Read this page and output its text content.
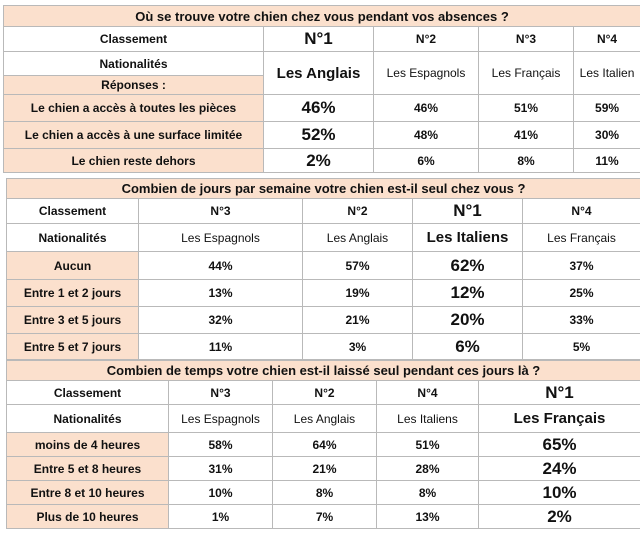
Où se trouve votre chien chez vous pendant vos absences ?				
Classement	N°1	N°2	N°3	N°4
Nationalités	Les Anglais	Les Espagnols	Les Français	Les Italien
Réponses :				
Le chien a accès à toutes les pièces	46%	46%	51%	59%
Le chien a accès à une surface limitée	52%	48%	41%	30%
Le chien reste dehors	2%	6%	8%	11%
Combien de jours par semaine votre chien est-il seul chez vous ?				
Classement	N°3	N°2	N°1	N°4
Nationalités	Les Espagnols	Les Anglais	Les Italiens	Les Français
Aucun	44%	57%	62%	37%
Entre 1 et 2 jours	13%	19%	12%	25%
Entre 3 et 5 jours	32%	21%	20%	33%
Entre 5 et 7 jours	11%	3%	6%	5%
Combien de temps votre chien est-il laissé seul pendant ces jours là ?				
Classement	N°3	N°2	N°4	N°1
Nationalités	Les Espagnols	Les Anglais	Les Italiens	Les Français
moins de 4 heures	58%	64%	51%	65%
Entre 5 et 8 heures	31%	21%	28%	24%
Entre 8 et 10 heures	10%	8%	8%	10%
Plus de 10 heures	1%	7%	13%	2%
